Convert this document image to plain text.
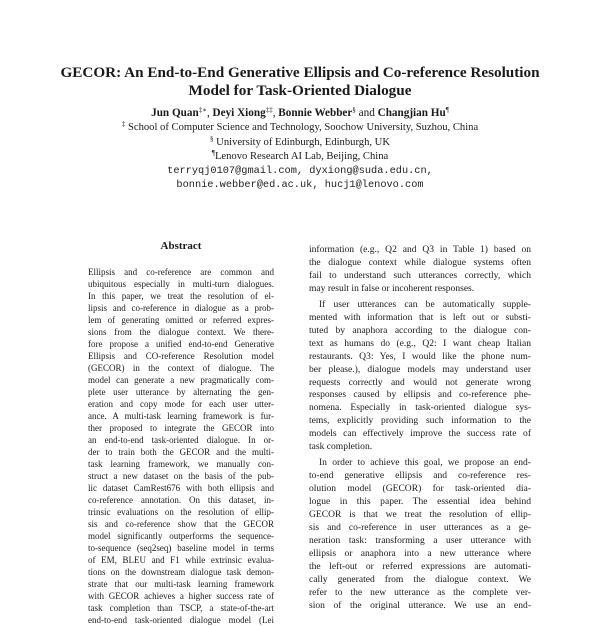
GECOR: An End-to-End Generative Ellipsis and Co-reference Resolution
Model for Task-Oriented Dialogue
Jun Quan‡∗, Deyi Xiong‡‡, Bonnie Webber§ and Changjian Hu¶
‡ School of Computer Science and Technology, Soochow University, Suzhou, China
§ University of Edinburgh, Edinburgh, UK
¶Lenovo Research AI Lab, Beijing, China
terryqj0107@gmail.com, dyxiong@suda.edu.cn,
bonnie.webber@ed.ac.uk, hucj1@lenovo.com
Abstract

Ellipsis and co-reference are common and
ubiquitous especially in multi-turn dialogues.
In this paper, we treat the resolution of el-
lipsis and co-reference in dialogue as a prob-
lem of generating omitted or referred expres-
sions from the dialogue context. We there-
fore propose a unified end-to-end Generative
Ellipsis and CO-reference Resolution model
(GECOR) in the context of dialogue. The
model can generate a new pragmatically com-
plete user utterance by alternating the gen-
eration and copy mode for each user utter-
ance. A multi-task learning framework is fur-
ther proposed to integrate the GECOR into
an end-to-end task-oriented dialogue. In or-
der to train both the GECOR and the multi-
task learning framework, we manually con-
struct a new dataset on the basis of the pub-
lic dataset CamRest676 with both ellipsis and
co-reference annotation. On this dataset, in-
trinsic evaluations on the resolution of ellip-
sis and co-reference show that the GECOR
model significantly outperforms the sequence-
to-sequence (seq2seq) baseline model in terms
of EM, BLEU and F1 while extrinsic evalua-
tions on the downstream dialogue task demon-
strate that our multi-task learning framework
with GECOR achieves a higher success rate of
task completion than TSCP, a state-of-the-art
end-to-end task-oriented dialogue model (Lei

information (e.g., Q2 and Q3 in Table 1) based on
the dialogue context while dialogue systems often
fail to understand such utterances correctly, which
may result in false or incoherent responses.

If user utterances can be automatically supple-
mented with information that is left out or substi-
tuted by anaphora according to the dialogue con-
text as humans do (e.g., Q2: I want cheap Italian
restaurants. Q3: Yes, I would like the phone num-
ber please.), dialogue models may understand user
requests correctly and would not generate wrong
responses caused by ellipsis and co-reference phe-
nomena. Especially in task-oriented dialogue sys-
tems, explicitly providing such information to the
models can effectively improve the success rate of
task completion.

In order to achieve this goal, we propose an end-
to-end generative ellipsis and co-reference res-
olution model (GECOR) for task-oriented dia-
logue in this paper. The essential idea behind
GECOR is that we treat the resolution of ellip-
sis and co-reference in user utterances as a ge-
neration task: transforming a user utterance with
ellipsis or anaphora into a new utterance where
the left-out or referred expressions are automati-
cally generated from the dialogue context. We
refer to the new utterance as the complete ver-
sion of the original utterance. We use an end-
